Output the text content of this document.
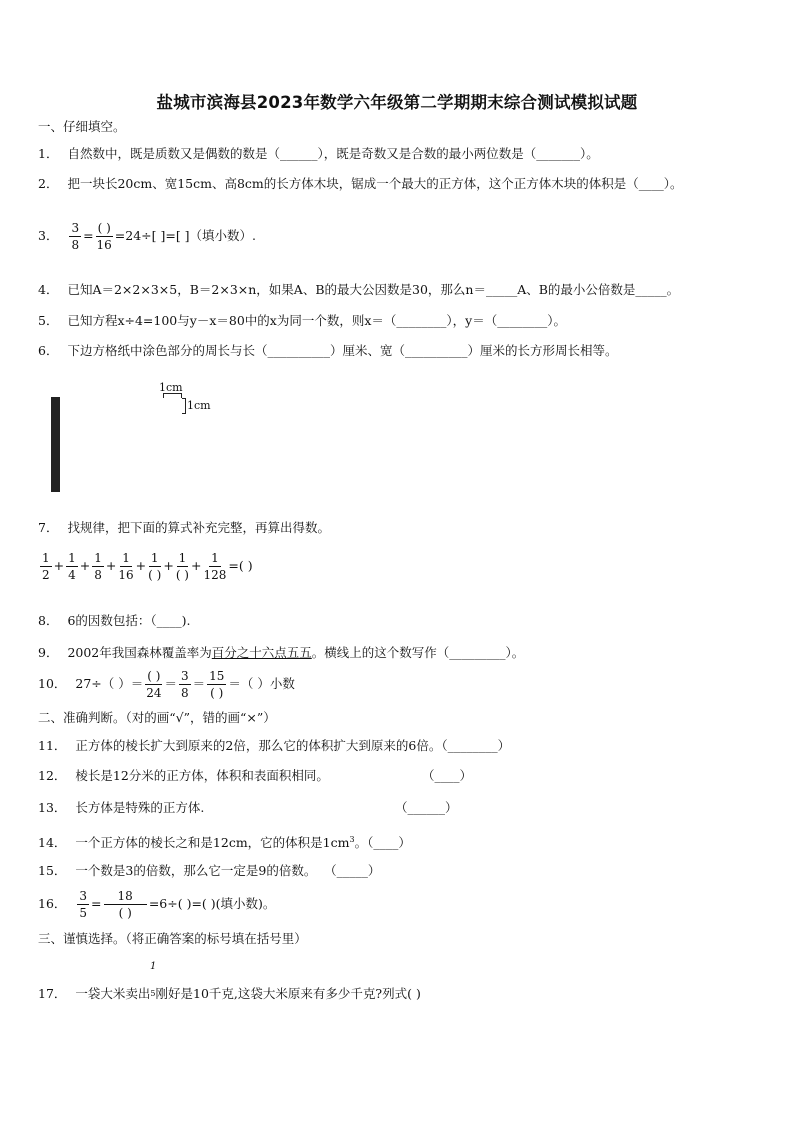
盐城市滨海县2023年数学六年级第二学期期末综合测试模拟试题
一、仔细填空。
1． 自然数中，既是质数又是偶数的数是（______），既是奇数又是合数的最小两位数是（_______）。
2． 把一块长20cm、宽15cm、高8cm的长方体木块，锯成一个最大的正方体，这个正方体木块的体积是（____）。
3． $\frac{3}{8} = \frac{( )}{16} =24\div$[ ]=[ ]（填小数）.
4． 已知A＝2×2×3×5，B＝2×3×n，如果A、B的最大公因数是30，那么n＝_____A、B的最小公倍数是_____。
5． 已知方程x÷4=100与y－x＝80中的x为同一个数，则x＝（________），y＝（________）。
6． 下边方格纸中涂色部分的周长与长（__________）厘米、宽（__________）厘米的长方形周长相等。
1cm
1cm

7． 找规律，把下面的算式补充完整，再算出得数。
$\frac{1}{2} + \frac{1}{4} + \frac{1}{8} + \frac{1}{16} + \frac{1}{( )} + \frac{1}{( )} + \frac{1}{128}$ =( )
8． 6的因数包括：（____).
9． 2002年我国森林覆盖率为百分之十六点五五。横线上的这个数写作（_________）。
10． 27÷（ ）＝ $\frac{( )}{24} = \frac{3}{8} = \frac{15}{( )}$ ＝（ ）小数
二、准确判断。（对的画“√”，错的画“×”）
11． 正方体的棱长扩大到原来的2倍，那么它的体积扩大到原来的6倍。（________）
12． 棱长是12分米的正方体，体积和表面积相同。	（____）
13． 长方体是特殊的正方体.	（______）
14． 一个正方体的棱长之和是12cm，它的体积是$1cm^3$。（____）
15． 一个数是3的倍数，那么它一定是9的倍数。 （_____）
16． $\frac{3}{5} = \frac{18}{( )} =6\div$( )=( )(填小数)。
三、谨慎选择。（将正确答案的标号填在括号里）
17． 一袋大米卖出$^5$刚好是10千克,这袋大米原来有多少千克?列式( )
1
